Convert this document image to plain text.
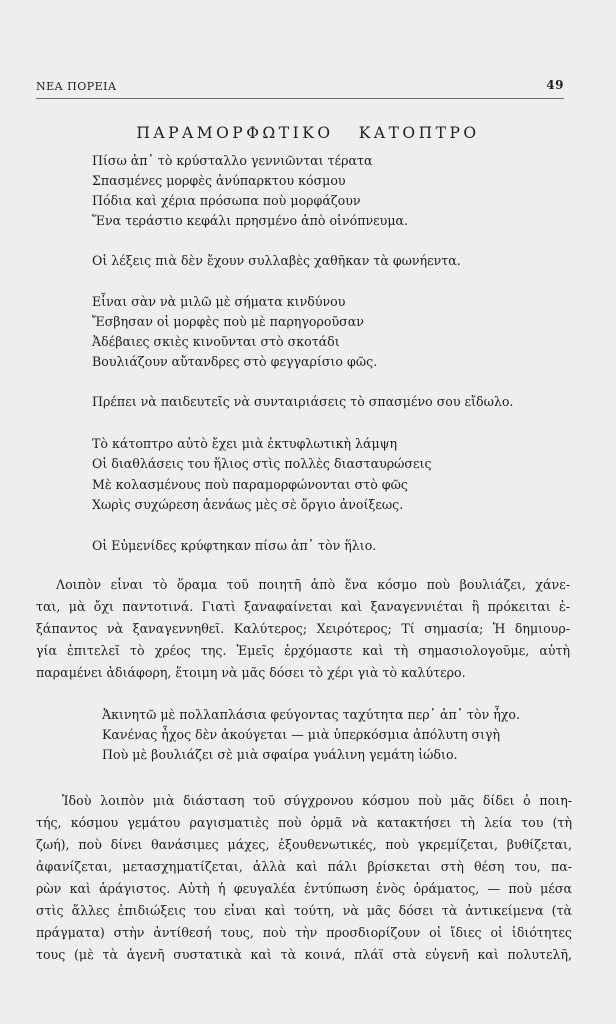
ΝΕΑ ΠΟΡΕΙΑ	49
ΠΑΡΑΜΟΡΦΩΤΙΚΟ   ΚΑΤΟΠΤΡΟ
Πίσω ἀπ᾿ τὸ κρύσταλλο γεννιῶνται τέρατα
Σπασμένες μορφὲς ἀνύπαρκτου κόσμου
Πόδια καὶ χέρια πρόσωπα ποὺ μορφάζουν
Ἕνα τεράστιο κεφάλι πρησμένο ἀπὸ οἰνόπνευμα.
Οἱ λέξεις πιὰ δὲν ἔχουν συλλαβὲς χαθῆκαν τὰ φωνήεντα.
Εἶναι σὰν νὰ μιλῶ μὲ σήματα κινδύνου
Ἔσβησαν οἱ μορφὲς ποὺ μὲ παρηγοροῦσαν
Ἀδέβαιες σκιὲς κινοῦνται στὸ σκοτάδι
Βουλιάζουν αὔτανδρες στὸ φεγγαρίσιο φῶς.
Πρέπει νὰ παιδευτεῖς νὰ συνταιριάσεις τὸ σπασμένο σου εἴδωλο.
Τὸ κάτοπτρο αὐτὸ ἔχει μιὰ ἐκτυφλωτικὴ λάμψη
Οἱ διαθλάσεις του ἥλιος στὶς πολλὲς διασταυρώσεις
Μὲ κολασμένους ποὺ παραμορφώνονται στὸ φῶς
Χωρὶς συχώρεση ἀενάως μὲς σὲ ὄργιο ἀνοίξεως.
Οἱ Εὐμενίδες κρύφτηκαν πίσω ἀπ᾿ τὸν ἥλιο.
Λοιπὸν εἶναι τὸ ὅραμα τοῦ ποιητῆ ἀπὸ ἕνα κόσμο ποὺ βουλιάζει, χάνε-
ται, μὰ ὄχι παντοτινά. Γιατὶ ξαναφαίνεται καὶ ξαναγεννιέται ἢ πρόκειται ἐ-
ξάπαντος νὰ ξαναγεννηθεῖ. Καλύτερος; Χειρότερος; Τί σημασία; Ἡ δημιουρ-
γία ἐπιτελεῖ τὸ χρέος της. Ἐμεῖς ἐρχόμαστε καὶ τὴ σημασιολογοῦμε, αὐτὴ
παραμένει ἀδιάφορη, ἕτοιμη νὰ μᾶς δόσει τὸ χέρι γιὰ τὸ καλύτερο.
Ἀκινητῶ μὲ πολλαπλάσια φεύγοντας ταχύτητα περ᾿ ἀπ᾿ τὸν ἦχο.
Κανένας ἦχος δὲν ἀκούγεται — μιὰ ὑπερκόσμια ἀπόλυτη σιγὴ
Ποὺ μὲ βουλιάζει σὲ μιὰ σφαίρα γυάλινη γεμάτη ἰώδιο.
Ἰδοὺ λοιπὸν μιὰ διάσταση τοῦ σύγχρονου κόσμου ποὺ μᾶς δίδει ὁ ποιη-
τής, κόσμου γεμάτου ραγισματιὲς ποὺ ὁρμᾶ νὰ κατακτήσει τὴ λεία του (τὴ
ζωή), ποὺ δίνει θανάσιμες μάχες, ἐξουθενωτικές, ποὺ γκρεμίζεται, βυθίζεται,
ἀφανίζεται, μετασχηματίζεται, ἀλλὰ καὶ πάλι βρίσκεται στὴ θέση του, πα-
ρὼν καὶ ἀράγιστος. Αὐτὴ ἡ φευγαλέα ἐντύπωση ἑνὸς ὁράματος, — ποὺ μέσα
στὶς ἄλλες ἐπιδιώξεις του εἶναι καὶ τούτη, νὰ μᾶς δόσει τὰ ἀντικείμενα (τὰ
πράγματα) στὴν ἀντίθεσή τους, ποὺ τὴν προσδιορίζουν οἱ ἴδιες οἱ ἰδιότητες
τους (μὲ τὰ ἀγενῆ συστατικὰ καὶ τὰ κοινά, πλάϊ στὰ εὐγενῆ καὶ πολυτελῆ,
